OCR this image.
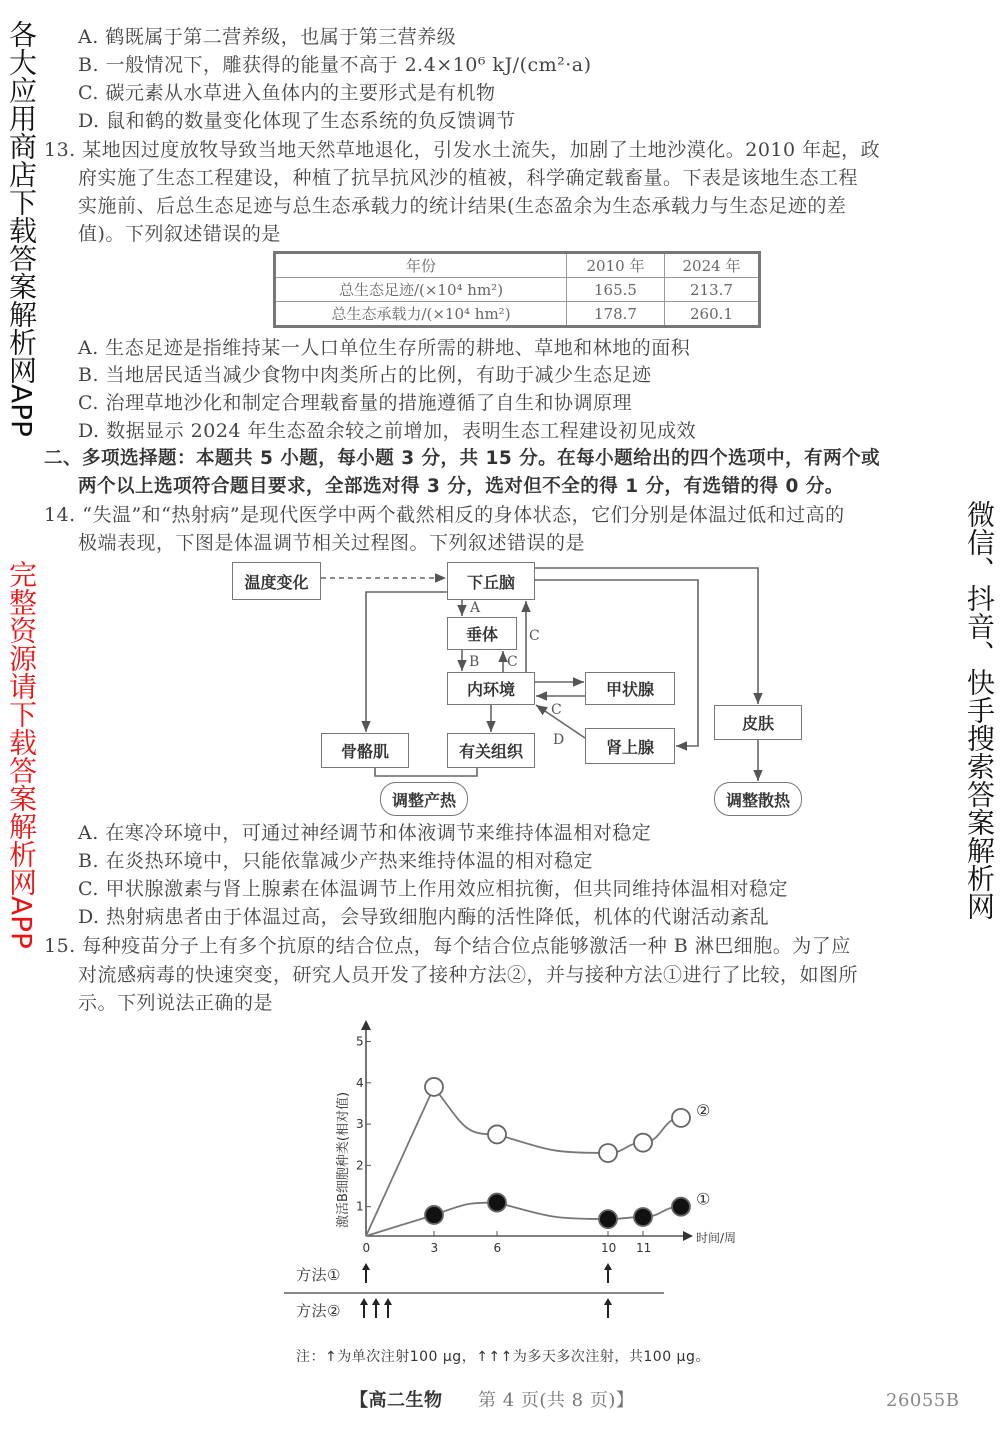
A. 鹤既属于第二营养级，也属于第三营养级
B. 一般情况下，雕获得的能量不高于 2.4×10⁶ kJ/(cm²·a)
C. 碳元素从水草进入鱼体内的主要形式是有机物
D. 鼠和鹤的数量变化体现了生态系统的负反馈调节
13. 某地因过度放牧导致当地天然草地退化，引发水土流失，加剧了土地沙漠化。2010 年起，政
府实施了生态工程建设，种植了抗旱抗风沙的植被，科学确定载畜量。下表是该地生态工程
实施前、后总生态足迹与总生态承载力的统计结果(生态盈余为生态承载力与生态足迹的差
值)。下列叙述错误的是
年份	2010 年	2024 年
总生态足迹/(×10⁴ hm²)	165.5	213.7
总生态承载力/(×10⁴ hm²)	178.7	260.1
A. 生态足迹是指维持某一人口单位生存所需的耕地、草地和林地的面积
B. 当地居民适当减少食物中肉类所占的比例，有助于减少生态足迹
C. 治理草地沙化和制定合理载畜量的措施遵循了自生和协调原理
D. 数据显示 2024 年生态盈余较之前增加，表明生态工程建设初见成效
二、多项选择题：本题共 5 小题，每小题 3 分，共 15 分。在每小题给出的四个选项中，有两个或
两个以上选项符合题目要求，全部选对得 3 分，选对但不全的得 1 分，有选错的得 0 分。
14. “失温”和“热射病”是现代医学中两个截然相反的身体状态，它们分别是体温过低和过高的
极端表现，下图是体温调节相关过程图。下列叙述错误的是
温度变化	下丘脑
垂体
内环境	甲状腺
肾上腺
骨骼肌	有关组织
皮肤
调整产热	调整散热
A
B C
C
C
D
1
2
3
4
5
0	3	6	10 11
时间/周
激活B细胞种类(相对值)	②
①
A. 在寒冷环境中，可通过神经调节和体液调节来维持体温相对稳定
B. 在炎热环境中，只能依靠减少产热来维持体温的相对稳定
C. 甲状腺激素与肾上腺素在体温调节上作用效应相抗衡，但共同维持体温相对稳定
D. 热射病患者由于体温过高，会导致细胞内酶的活性降低，机体的代谢活动紊乱
15. 每种疫苗分子上有多个抗原的结合位点，每个结合位点能够激活一种 B 淋巴细胞。为了应
对流感病毒的快速突变，研究人员开发了接种方法②，并与接种方法①进行了比较，如图所
示。下列说法正确的是
方法①
方法②
注：↑为单次注射100 μg，↑↑↑为多天多次注射，共100 μg。
【高二生物 第 4 页(共 8 页)】	26055B
各大应用商店下载答案解析网APP
完整资源请下载答案解析网APP	微信、抖音、快手搜索答案解析网
